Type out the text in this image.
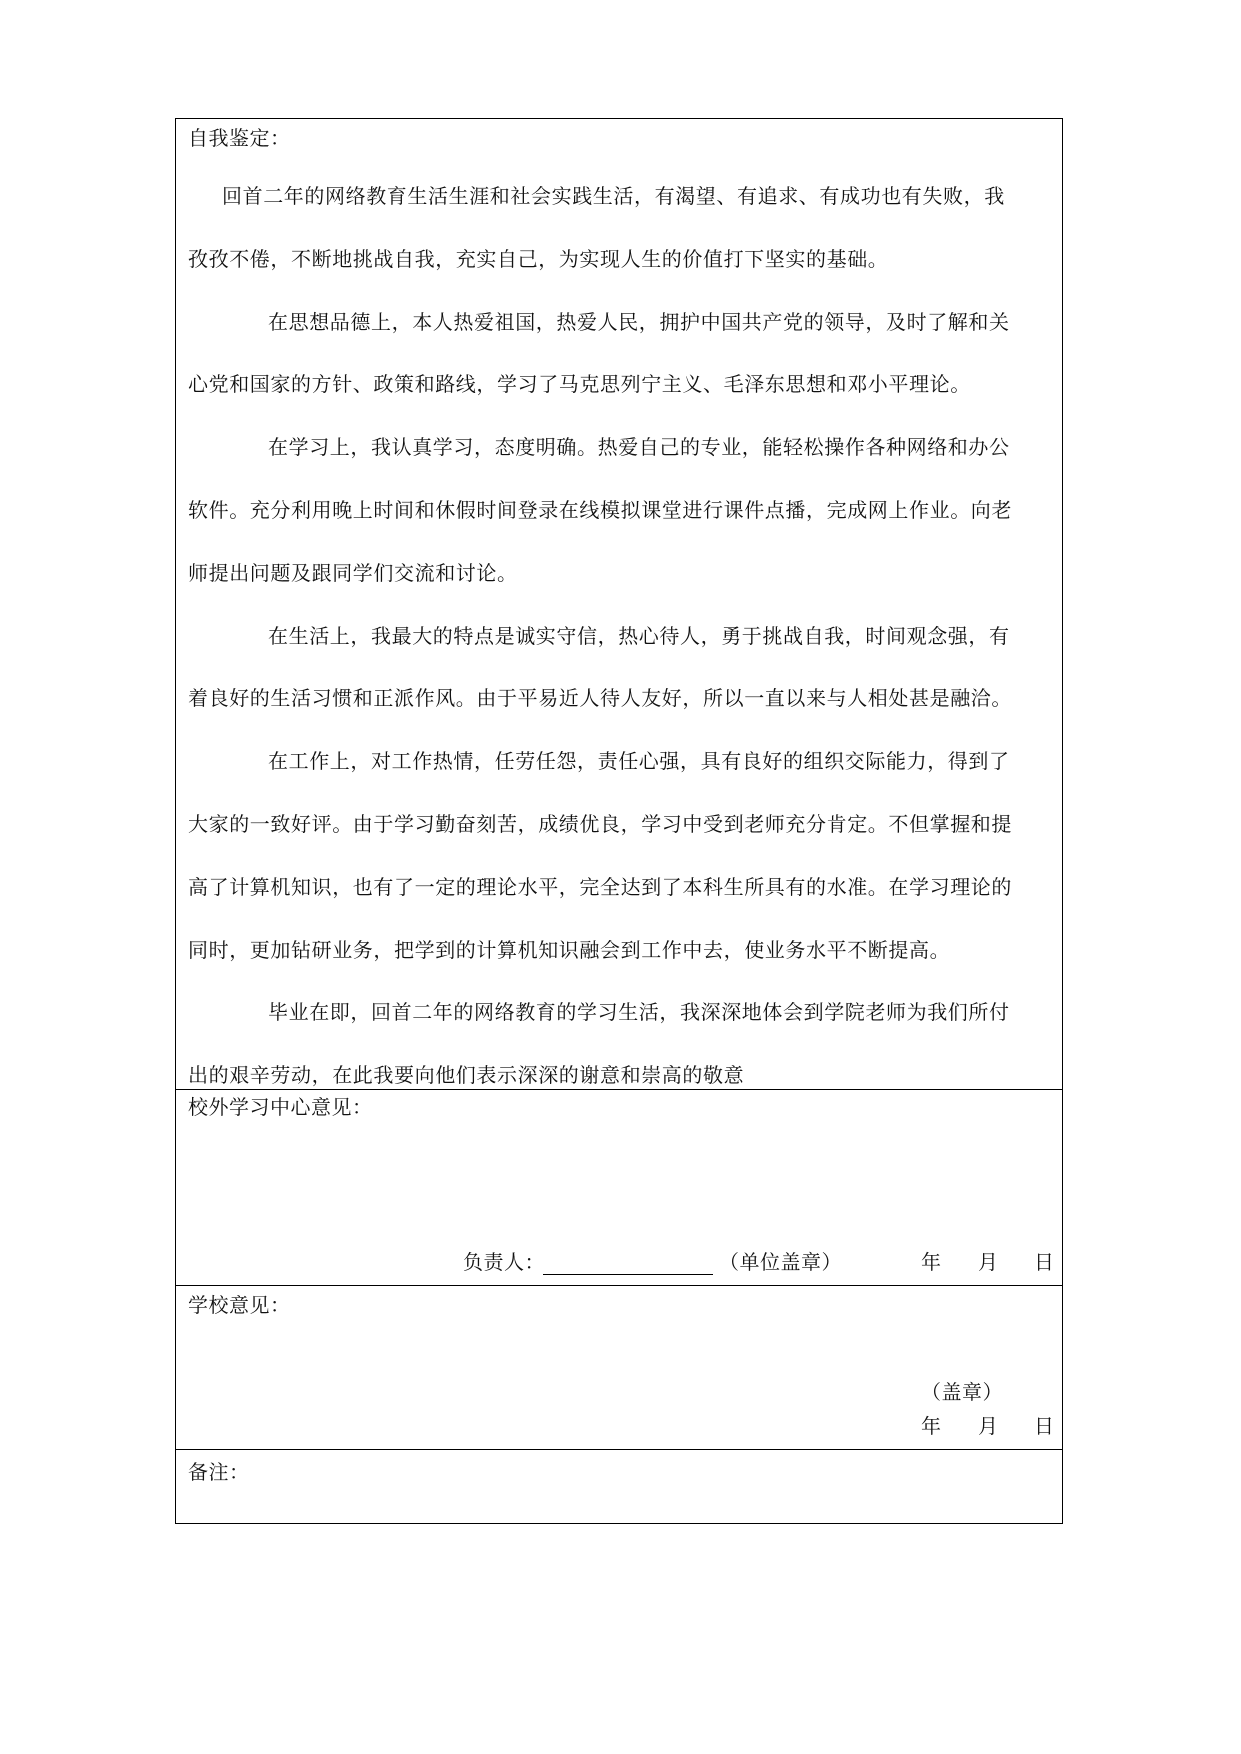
自我鉴定：
回首二年的网络教育生活生涯和社会实践生活，有渴望、有追求、有成功也有失败，我
孜孜不倦，不断地挑战自我，充实自己，为实现人生的价值打下坚实的基础。
在思想品德上，本人热爱祖国，热爱人民，拥护中国共产党的领导，及时了解和关
心党和国家的方针、政策和路线，学习了马克思列宁主义、毛泽东思想和邓小平理论。
在学习上，我认真学习，态度明确。热爱自己的专业，能轻松操作各种网络和办公
软件。充分利用晚上时间和休假时间登录在线模拟课堂进行课件点播，完成网上作业。向老
师提出问题及跟同学们交流和讨论。
在生活上，我最大的特点是诚实守信，热心待人，勇于挑战自我，时间观念强，有
着良好的生活习惯和正派作风。由于平易近人待人友好，所以一直以来与人相处甚是融洽。
在工作上，对工作热情，任劳任怨，责任心强，具有良好的组织交际能力，得到了
大家的一致好评。由于学习勤奋刻苦，成绩优良，学习中受到老师充分肯定。不但掌握和提
高了计算机知识，也有了一定的理论水平，完全达到了本科生所具有的水准。在学习理论的
同时，更加钻研业务，把学到的计算机知识融会到工作中去，使业务水平不断提高。
毕业在即，回首二年的网络教育的学习生活，我深深地体会到学院老师为我们所付
出的艰辛劳动，在此我要向他们表示深深的谢意和崇高的敬意
校外学习中心意见：
负责人：	（单位盖章）	年 月 日
学校意见：
（盖章）
年 月 日
备注：
